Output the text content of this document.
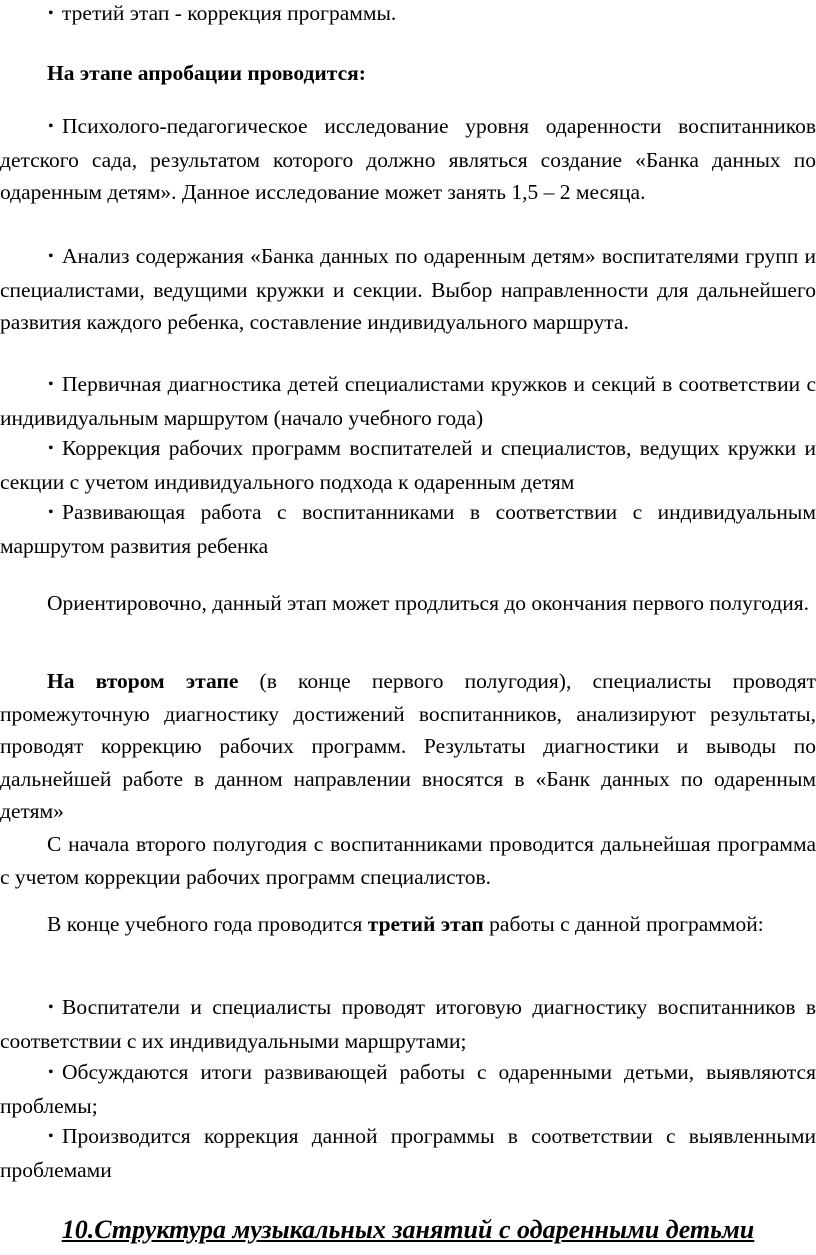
• третий этап - коррекция программы.

На этапе апробации проводится:

• Психолого-педагогическое исследование уровня одаренности воспитанников детского сада, результатом которого должно являться создание «Банка данных по одаренным детям». Данное исследование может занять 1,5 – 2 месяца.

• Анализ содержания «Банка данных по одаренным детям» воспитателями групп и специалистами, ведущими кружки и секции. Выбор направленности для дальнейшего развития каждого ребенка, составление индивидуального маршрута.

• Первичная диагностика детей специалистами кружков и секций в соответствии с индивидуальным маршрутом (начало учебного года)

• Коррекция рабочих программ воспитателей и специалистов, ведущих кружки и секции с учетом индивидуального подхода к одаренным детям

• Развивающая работа с воспитанниками в соответствии с индивидуальным маршрутом развития ребенка

Ориентировочно, данный этап может продлиться до окончания первого полугодия.

На втором этапе (в конце первого полугодия), специалисты проводят промежуточную диагностику достижений воспитанников, анализируют результаты, проводят коррекцию рабочих программ. Результаты диагностики и выводы по дальнейшей работе в данном направлении вносятся в «Банк данных по одаренным детям»

С начала второго полугодия с воспитанниками проводится дальнейшая программа с учетом коррекции рабочих программ специалистов.

В конце учебного года проводится третий этап работы с данной программой:

• Воспитатели и специалисты проводят итоговую диагностику воспитанников в соответствии с их индивидуальными маршрутами;

• Обсуждаются итоги развивающей работы с одаренными детьми, выявляются проблемы;

• Производится коррекция данной программы в соответствии с выявленными проблемами

10.Структура музыкальных занятий с одаренными детьми
